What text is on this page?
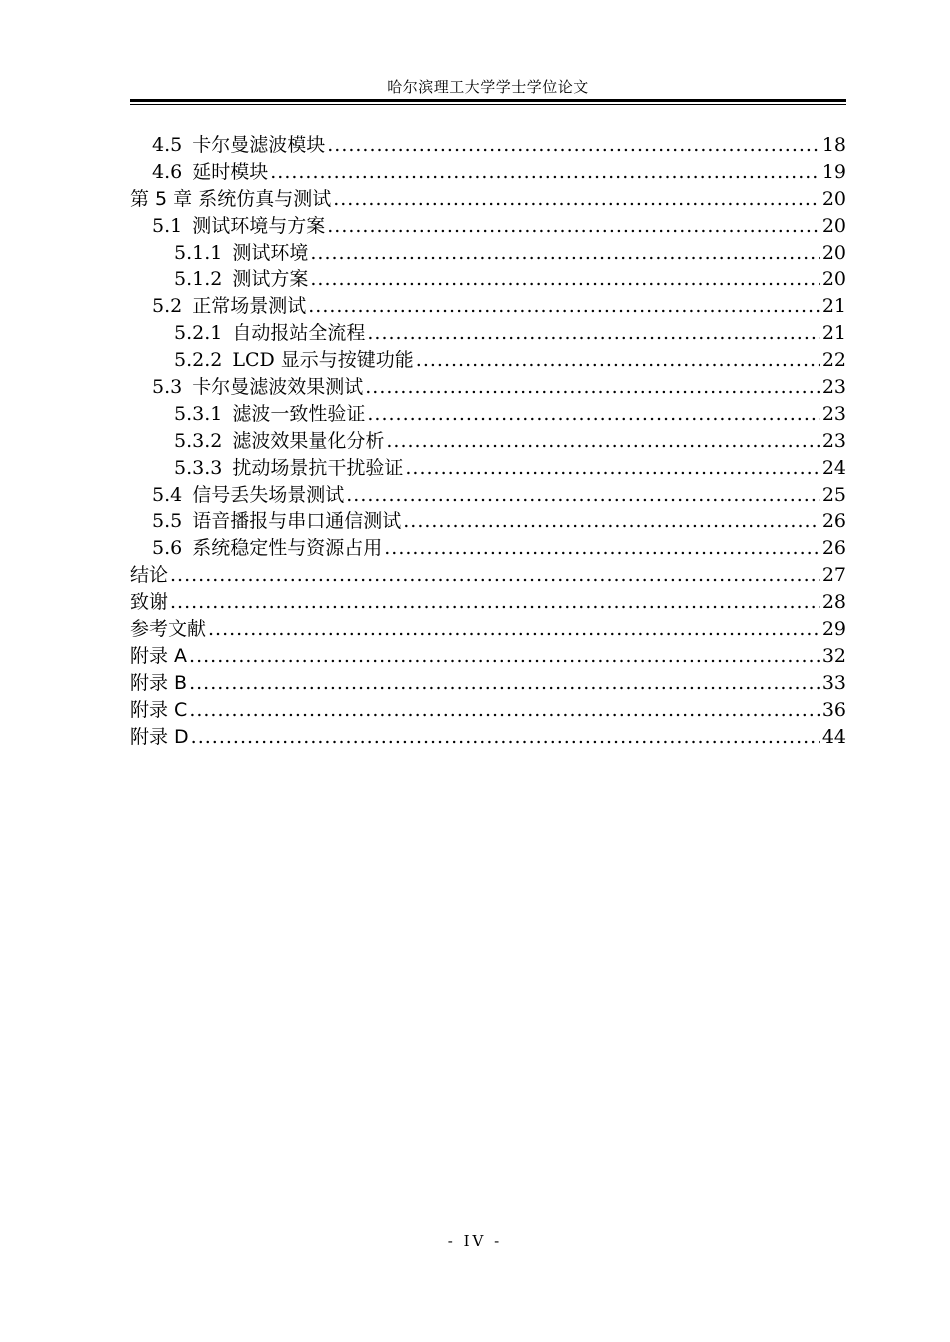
哈尔滨理工大学学士学位论文
4.5 卡尔曼滤波模块 .....	18
4.6 延时模块 .....	19
第 5 章 系统仿真与测试 .....	20
5.1 测试环境与方案 .....	20
5.1.1 测试环境 .....	20
5.1.2 测试方案 .....	20
5.2 正常场景测试 .....	21
5.2.1 自动报站全流程 .....	21
5.2.2 LCD 显示与按键功能 .....	22
5.3 卡尔曼滤波效果测试 .....	23
5.3.1 滤波一致性验证 .....	23
5.3.2 滤波效果量化分析 .....	23
5.3.3 扰动场景抗干扰验证 .....	24
5.4 信号丢失场景测试 .....	25
5.5 语音播报与串口通信测试 .....	26
5.6 系统稳定性与资源占用 .....	26
结论 .....	27
致谢 .....	28
参考文献 .....	29
附录 A .....	32
附录 B .....	33
附录 C .....	36
附录 D .....	44
- IV -
